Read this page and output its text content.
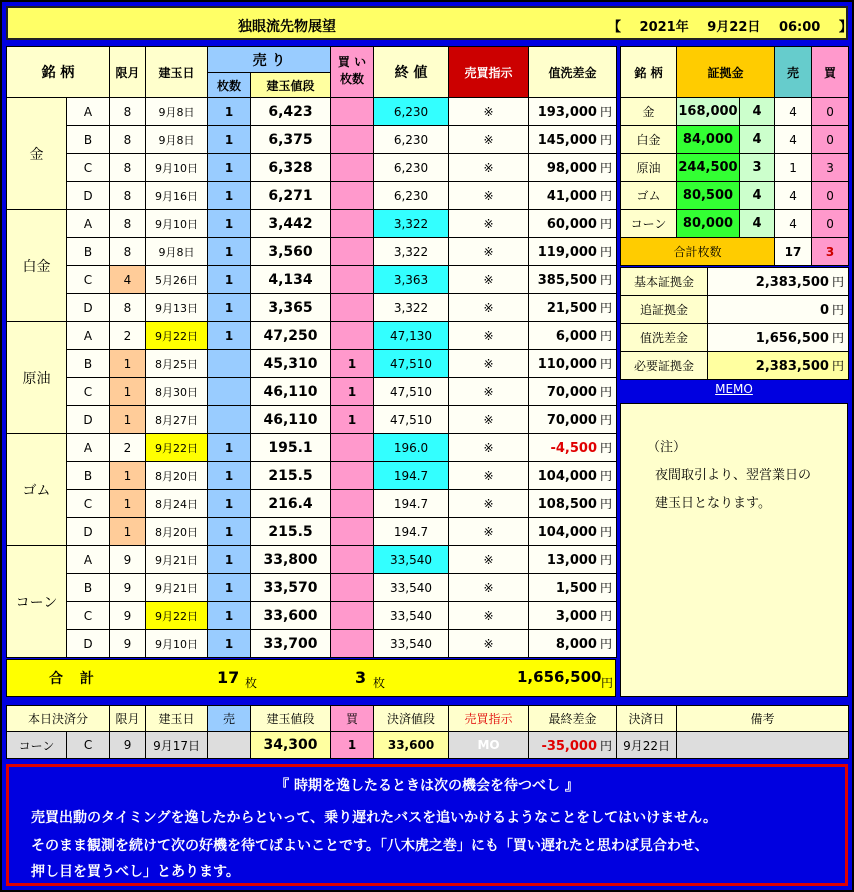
独眼流先物展望	【 2021年 9月22日 06:00 】
銘 柄		限月	建玉日	売 り		買 い
枚数	終 値	売買指示	值洗差金
				枚数	建玉値段				
金	A	8	9月8日	1	6,423		6,230	※	193,000 円
	B	8	9月8日	1	6,375		6,230	※	145,000 円
	C	8	9月10日	1	6,328		6,230	※	98,000 円
	D	8	9月16日	1	6,271		6,230	※	41,000 円
白金	A	8	9月10日	1	3,442		3,322	※	60,000 円
	B	8	9月8日	1	3,560		3,322	※	119,000 円
	C	4	5月26日	1	4,134		3,363	※	385,500 円
	D	8	9月13日	1	3,365		3,322	※	21,500 円
原油	A	2	9月22日	1	47,250		47,130	※	6,000 円
	B	1	8月25日		45,310	1	47,510	※	110,000 円
	C	1	8月30日		46,110	1	47,510	※	70,000 円
	D	1	8月27日		46,110	1	47,510	※	70,000 円
ゴム	A	2	9月22日	1	195.1		196.0	※	-4,500 円
	B	1	8月20日	1	215.5		194.7	※	104,000 円
	C	1	8月24日	1	216.4		194.7	※	108,500 円
	D	1	8月20日	1	215.5		194.7	※	104,000 円
コーン	A	9	9月21日	1	33,800		33,540	※	13,000 円
	B	9	9月21日	1	33,570		33,540	※	1,500 円
	C	9	9月22日	1	33,600		33,540	※	3,000 円
	D	9	9月10日	1	33,700		33,540	※	8,000 円
合 計	17 枚	3 枚	1,656,500 円
銘 柄	証拠金		売	買
金	168,000	4	4	0
白金	84,000	4	4	0
原油	244,500	3	1	3
ゴム	80,500	4	4	0
コーン	80,000	4	4	0
合計枚数			17	3
基本証拠金	2,383,500 円
追証拠金	0 円
值洗差金	1,656,500 円
必要証拠金	2,383,500 円
MEMO
（注）
夜間取引より、翌営業日の
建玉日となります。
本日決済分		限月	建玉日	売	建玉値段	買	決済値段	売買指示	最終差金	決済日	備考
コーン	C	9	9月17日		34,300	1	33,600	MO	-35,000 円	9月22日	
『 時期を逸したるときは次の機会を待つべし 』
売買出動のタイミングを逸したからといって、乗り遅れたバスを追いかけるようなことをしてはいけません。
そのまま観測を続けて次の好機を待てばよいことです。「八木虎之巻」にも「買い遅れたと思わば見合わせ、
押し目を買うべし」とあります。
